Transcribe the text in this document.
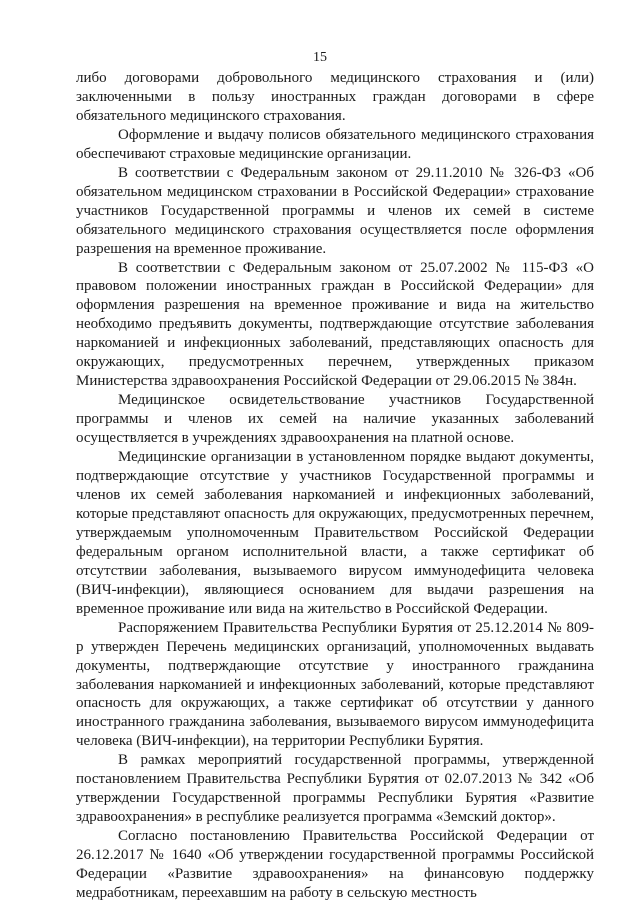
15

либо договорами добровольного медицинского страхования и (или) заключенными в пользу иностранных граждан договорами в сфере обязательного медицинского страхования.

Оформление и выдачу полисов обязательного медицинского страхования обеспечивают страховые медицинские организации.

В соответствии с Федеральным законом от 29.11.2010 № 326-ФЗ «Об обязательном медицинском страховании в Российской Федерации» страхование участников Государственной программы и членов их семей в системе обязательного медицинского страхования осуществляется после оформления разрешения на временное проживание.

В соответствии с Федеральным законом от 25.07.2002 № 115-ФЗ «О правовом положении иностранных граждан в Российской Федерации» для оформления разрешения на временное проживание и вида на жительство необходимо предъявить документы, подтверждающие отсутствие заболевания наркоманией и инфекционных заболеваний, представляющих опасность для окружающих, предусмотренных перечнем, утвержденных приказом Министерства здравоохранения Российской Федерации от 29.06.2015 № 384н.

Медицинское освидетельствование участников Государственной программы и членов их семей на наличие указанных заболеваний осуществляется в учреждениях здравоохранения на платной основе.

Медицинские организации в установленном порядке выдают документы, подтверждающие отсутствие у участников Государственной программы и членов их семей заболевания наркоманией и инфекционных заболеваний, которые представляют опасность для окружающих, предусмотренных перечнем, утверждаемым уполномоченным Правительством Российской Федерации федеральным органом исполнительной власти, а также сертификат об отсутствии заболевания, вызываемого вирусом иммунодефицита человека (ВИЧ-инфекции), являющиеся основанием для выдачи разрешения на временное проживание или вида на жительство в Российской Федерации.

Распоряжением Правительства Республики Бурятия от 25.12.2014 № 809-р утвержден Перечень медицинских организаций, уполномоченных выдавать документы, подтверждающие отсутствие у иностранного гражданина заболевания наркоманией и инфекционных заболеваний, которые представляют опасность для окружающих, а также сертификат об отсутствии у данного иностранного гражданина заболевания, вызываемого вирусом иммунодефицита человека (ВИЧ-инфекции), на территории Республики Бурятия.

В рамках мероприятий государственной программы, утвержденной постановлением Правительства Республики Бурятия от 02.07.2013 № 342 «Об утверждении Государственной программы Республики Бурятия «Развитие здравоохранения» в республике реализуется программа «Земский доктор».

Согласно постановлению Правительства Российской Федерации от 26.12.2017 № 1640 «Об утверждении государственной программы Российской Федерации «Развитие здравоохранения» на финансовую поддержку медработникам, переехавшим на работу в сельскую местность
